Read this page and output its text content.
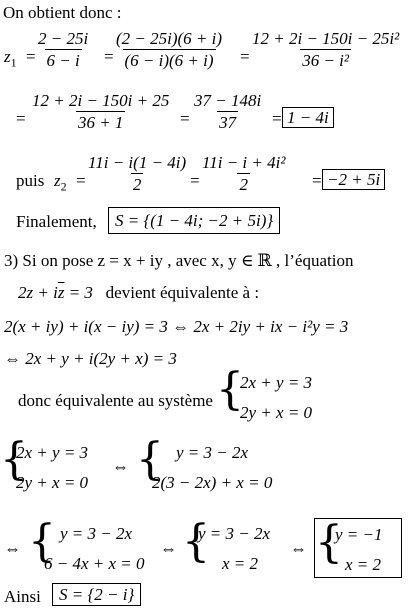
On obtient donc :
$z_1 = \frac{2 - 25i}{6 - i} = \frac{(2 - 25i)(6 + i)}{(6 - i)(6 + i)} = \frac{\text{12 + 2i − 150i − 25i²}}{\text{36 − i²}}$
= $\frac{12 + 2i - 150i + 25}{36 + 1} = \frac{37 - 148i}{37} = 1 - 4i$
puis $z_2 = \frac{11i - i(1 - 4i)}{2} = \frac{\text{11i − i + 4i²}}{2} = -2 + 5i$
Finalement,	S = {(1 − 4i; −2 + 5i)}
3) Si on pose z = x + iy , avec x, y ∈ ℝ , l’équation
$2z + i\overline{z} = 3$ devient équivalente à :
2(x + iy) + i(x − iy) = 3 ⇔ 2x + 2iy + ix − i²y = 3
⇔ 2x + y + i(2y + x) = 3
donc équivalente au système {
2x + y = 3
2y + x = 0
{
2x + y = 3
2y + x = 0
⇔ { y = 3 − 2x
2(3 − 2x) + x = 0
⇔ { y = 3 − 2x
6 − 4x + x = 0
⇔ {
y = 3 − 2x
x = 2
⇔ {
y = −1
x = 2
Ainsi	S = {2 − i}
